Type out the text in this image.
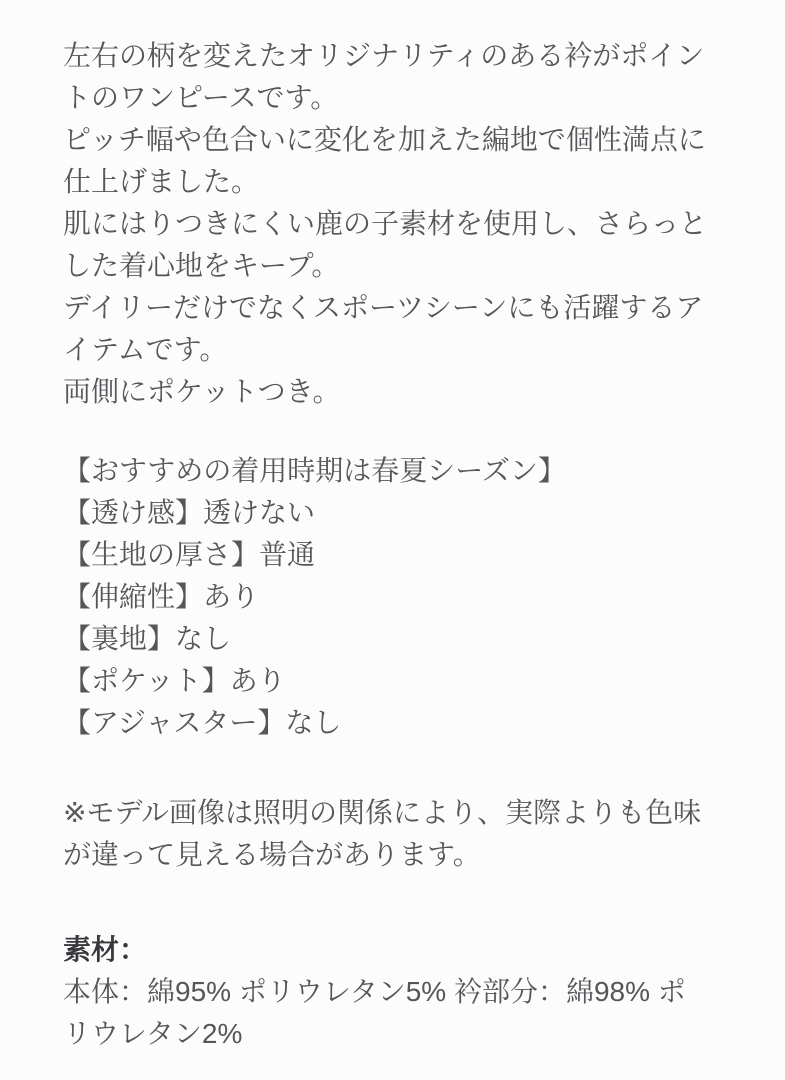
左右の柄を変えたオリジナリティのある衿がポイン
トのワンピースです。
ピッチ幅や色合いに変化を加えた編地で個性満点に
仕上げました。
肌にはりつきにくい鹿の子素材を使用し、さらっと
した着心地をキープ。
デイリーだけでなくスポーツシーンにも活躍するア
イテムです。
両側にポケットつき。
【おすすめの着用時期は春夏シーズン】
【透け感】透けない
【生地の厚さ】普通
【伸縮性】あり
【裏地】なし
【ポケット】あり
【アジャスター】なし
※モデル画像は照明の関係により、実際よりも色味
が違って見える場合があります。
素材：
本体：綿95% ポリウレタン5% 衿部分：綿98% ポ
リウレタン2%
